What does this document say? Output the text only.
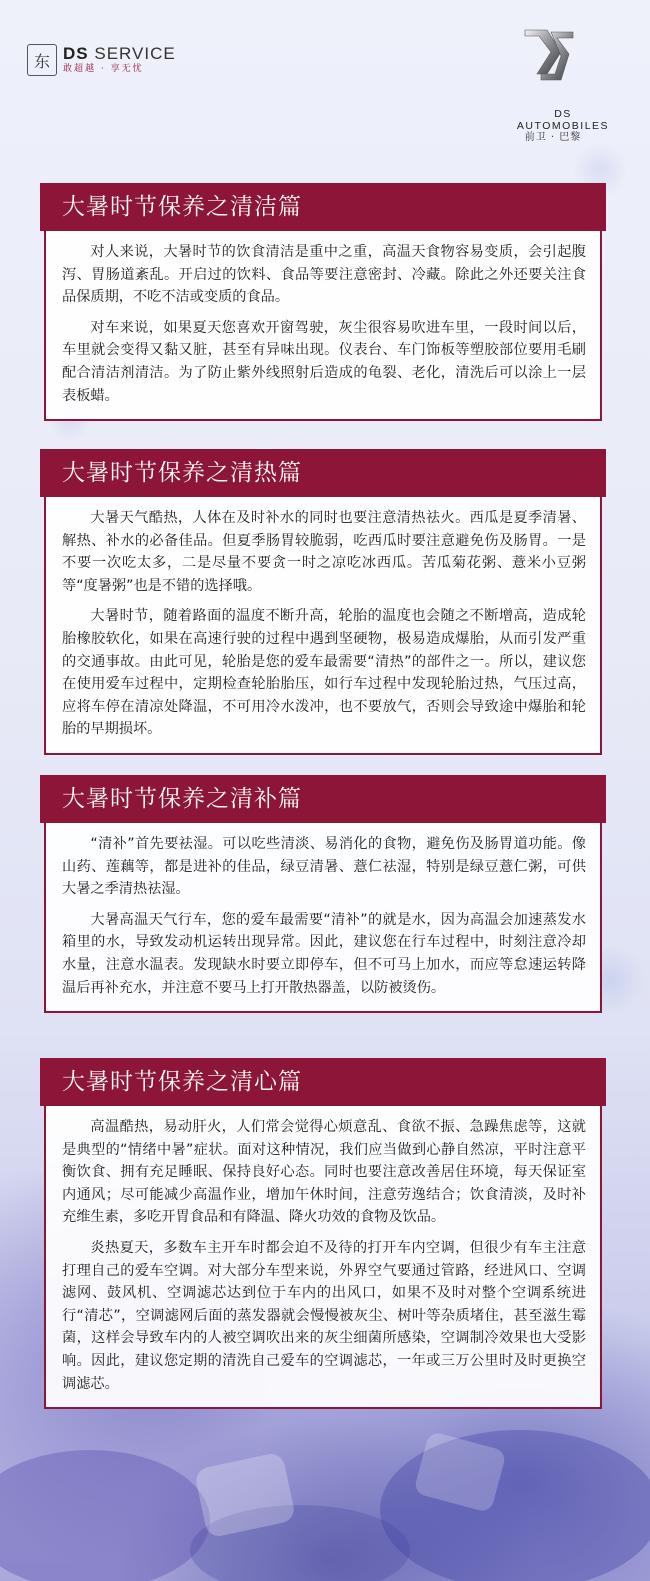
东 DS SERVICE
敢超越 · 享无忧
DS AUTOMOBILES
前卫 · 巴黎
大暑时节保养之清洁篇

对人来说，大暑时节的饮食清洁是重中之重，高温天食物容易变质，会引起腹泻、胃肠道紊乱。开启过的饮料、食品等要注意密封、冷藏。除此之外还要关注食品保质期，不吃不洁或变质的食品。

对车来说，如果夏天您喜欢开窗驾驶，灰尘很容易吹进车里，一段时间以后，车里就会变得又黏又脏，甚至有异味出现。仪表台、车门饰板等塑胶部位要用毛刷配合清洁剂清洁。为了防止紫外线照射后造成的龟裂、老化，清洗后可以涂上一层表板蜡。

大暑时节保养之清热篇

大暑天气酷热，人体在及时补水的同时也要注意清热祛火。西瓜是夏季清暑、解热、补水的必备佳品。但夏季肠胃较脆弱，吃西瓜时要注意避免伤及肠胃。一是不要一次吃太多，二是尽量不要贪一时之凉吃冰西瓜。苦瓜菊花粥、薏米小豆粥等“度暑粥”也是不错的选择哦。

大暑时节，随着路面的温度不断升高，轮胎的温度也会随之不断增高，造成轮胎橡胶软化，如果在高速行驶的过程中遇到坚硬物，极易造成爆胎，从而引发严重的交通事故。由此可见，轮胎是您的爱车最需要“清热”的部件之一。所以，建议您在使用爱车过程中，定期检查轮胎胎压，如行车过程中发现轮胎过热，气压过高，应将车停在清凉处降温，不可用冷水泼冲，也不要放气，否则会导致途中爆胎和轮胎的早期损坏。

大暑时节保养之清补篇

“清补”首先要祛湿。可以吃些清淡、易消化的食物，避免伤及肠胃道功能。像山药、莲藕等，都是进补的佳品，绿豆清暑、薏仁祛湿，特别是绿豆薏仁粥，可供大暑之季清热祛湿。

大暑高温天气行车，您的爱车最需要“清补”的就是水，因为高温会加速蒸发水箱里的水，导致发动机运转出现异常。因此，建议您在行车过程中，时刻注意冷却水量，注意水温表。发现缺水时要立即停车，但不可马上加水，而应等怠速运转降温后再补充水，并注意不要马上打开散热器盖，以防被烫伤。

大暑时节保养之清心篇

高温酷热，易动肝火，人们常会觉得心烦意乱、食欲不振、急躁焦虑等，这就是典型的“情绪中暑”症状。面对这种情况，我们应当做到心静自然凉，平时注意平衡饮食、拥有充足睡眠、保持良好心态。同时也要注意改善居住环境，每天保证室内通风；尽可能减少高温作业，增加午休时间，注意劳逸结合；饮食清淡，及时补充维生素，多吃开胃食品和有降温、降火功效的食物及饮品。

炎热夏天，多数车主开车时都会迫不及待的打开车内空调，但很少有车主注意打理自己的爱车空调。对大部分车型来说，外界空气要通过管路，经进风口、空调滤网、鼓风机、空调滤芯达到位于车内的出风口，如果不及时对整个空调系统进行“清芯”，空调滤网后面的蒸发器就会慢慢被灰尘、树叶等杂质堵住，甚至滋生霉菌，这样会导致车内的人被空调吹出来的灰尘细菌所感染，空调制冷效果也大受影响。因此，建议您定期的清洗自己爱车的空调滤芯，一年或三万公里时及时更换空调滤芯。
